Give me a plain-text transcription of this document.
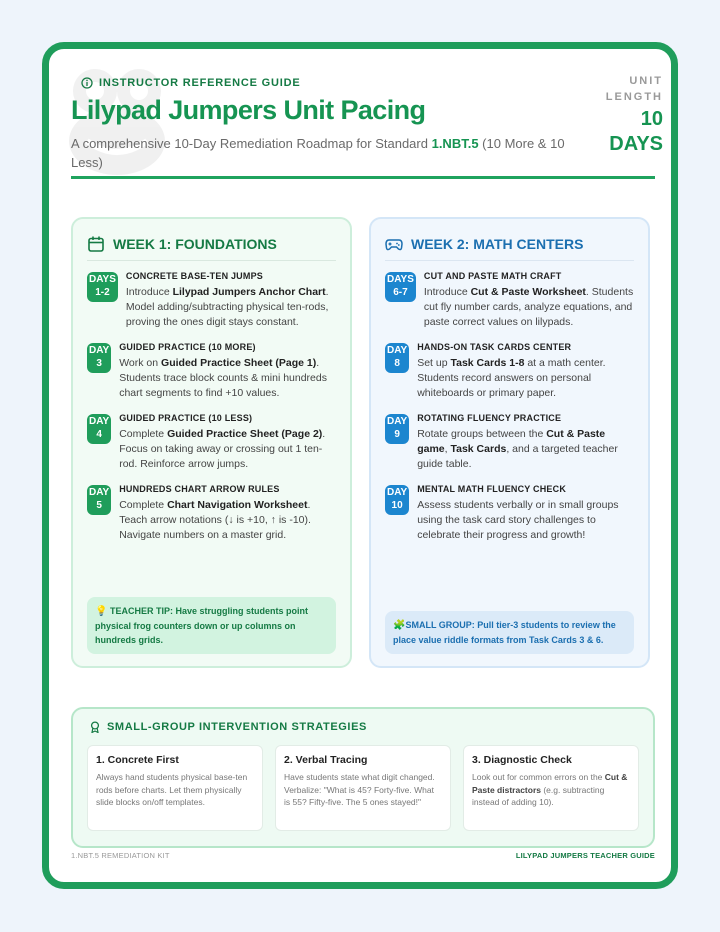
INSTRUCTOR REFERENCE GUIDE
Lilypad Jumpers Unit Pacing
A comprehensive 10-Day Remediation Roadmap for Standard 1.NBT.5 (10 More & 10 Less)
UNIT
LENGTH
10
DAYS
WEEK 1: FOUNDATIONS
DAYS
1-2
CONCRETE BASE-TEN JUMPS
Introduce Lilypad Jumpers Anchor Chart. Model adding/subtracting physical ten-rods, proving the ones digit stays constant.
DAY
3
GUIDED PRACTICE (10 MORE)
Work on Guided Practice Sheet (Page 1). Students trace block counts & mini hundreds chart segments to find +10 values.
DAY
4
GUIDED PRACTICE (10 LESS)
Complete Guided Practice Sheet (Page 2). Focus on taking away or crossing out 1 ten-rod. Reinforce arrow jumps.
DAY
5
HUNDREDS CHART ARROW RULES
Complete Chart Navigation Worksheet. Teach arrow notations (↓ is +10, ↑ is -10). Navigate numbers on a master grid.
💡 TEACHER TIP: Have struggling students point physical frog counters down or up columns on hundreds grids.
WEEK 2: MATH CENTERS
DAYS
6-7
CUT AND PASTE MATH CRAFT
Introduce Cut & Paste Worksheet. Students cut fly number cards, analyze equations, and paste correct values on lilypads.
DAY
8
HANDS-ON TASK CARDS CENTER
Set up Task Cards 1-8 at a math center. Students record answers on personal whiteboards or primary paper.
DAY
9
ROTATING FLUENCY PRACTICE
Rotate groups between the Cut & Paste game, Task Cards, and a targeted teacher guide table.
DAY
10
MENTAL MATH FLUENCY CHECK
Assess students verbally or in small groups using the task card story challenges to celebrate their progress and growth!
🧩SMALL GROUP: Pull tier-3 students to review the place value riddle formats from Task Cards 3 & 6.
SMALL-GROUP INTERVENTION STRATEGIES
1. Concrete First
Always hand students physical base-ten rods before charts. Let them physically slide blocks on/off templates.
2. Verbal Tracing
Have students state what digit changed. Verbalize: "What is 45? Forty-five. What is 55? Fifty-five. The 5 ones stayed!"
3. Diagnostic Check
Look out for common errors on the Cut & Paste distractors (e.g. subtracting instead of adding 10).
1.NBT.5 REMEDIATION KIT	LILYPAD JUMPERS TEACHER GUIDE
